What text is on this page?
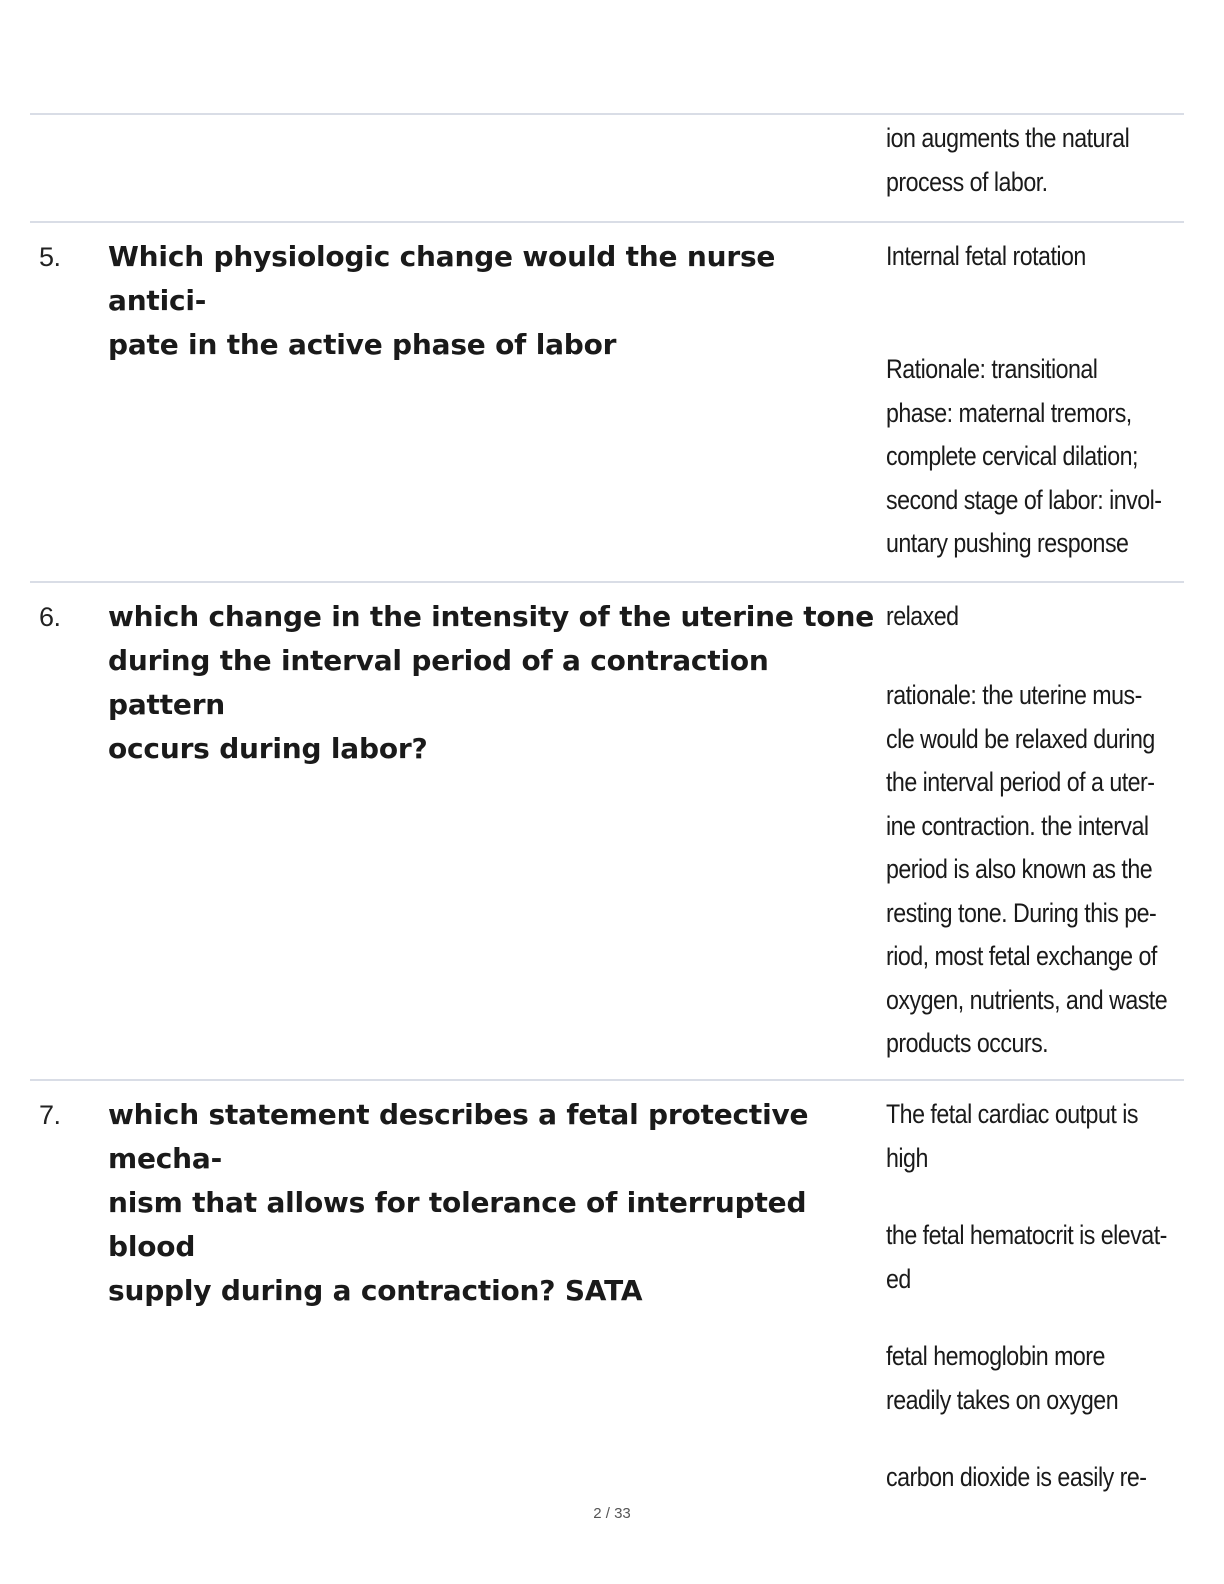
ion augments the natural
process of labor.
5. Which physiologic change would the nurse antici-
pate in the active phase of labor
Internal fetal rotation
Rationale: transitional
phase: maternal tremors,
complete cervical dilation;
second stage of labor: invol-
untary pushing response
6. which change in the intensity of the uterine tone
during the interval period of a contraction pattern
occurs during labor?
relaxed
rationale: the uterine mus-
cle would be relaxed during
the interval period of a uter-
ine contraction. the interval
period is also known as the
resting tone. During this pe-
riod, most fetal exchange of
oxygen, nutrients, and waste
products occurs.
7. which statement describes a fetal protective mecha-
nism that allows for tolerance of interrupted blood
supply during a contraction? SATA
The fetal cardiac output is
high
the fetal hematocrit is elevat-
ed
fetal hemoglobin more
readily takes on oxygen
carbon dioxide is easily re-
2 / 33
